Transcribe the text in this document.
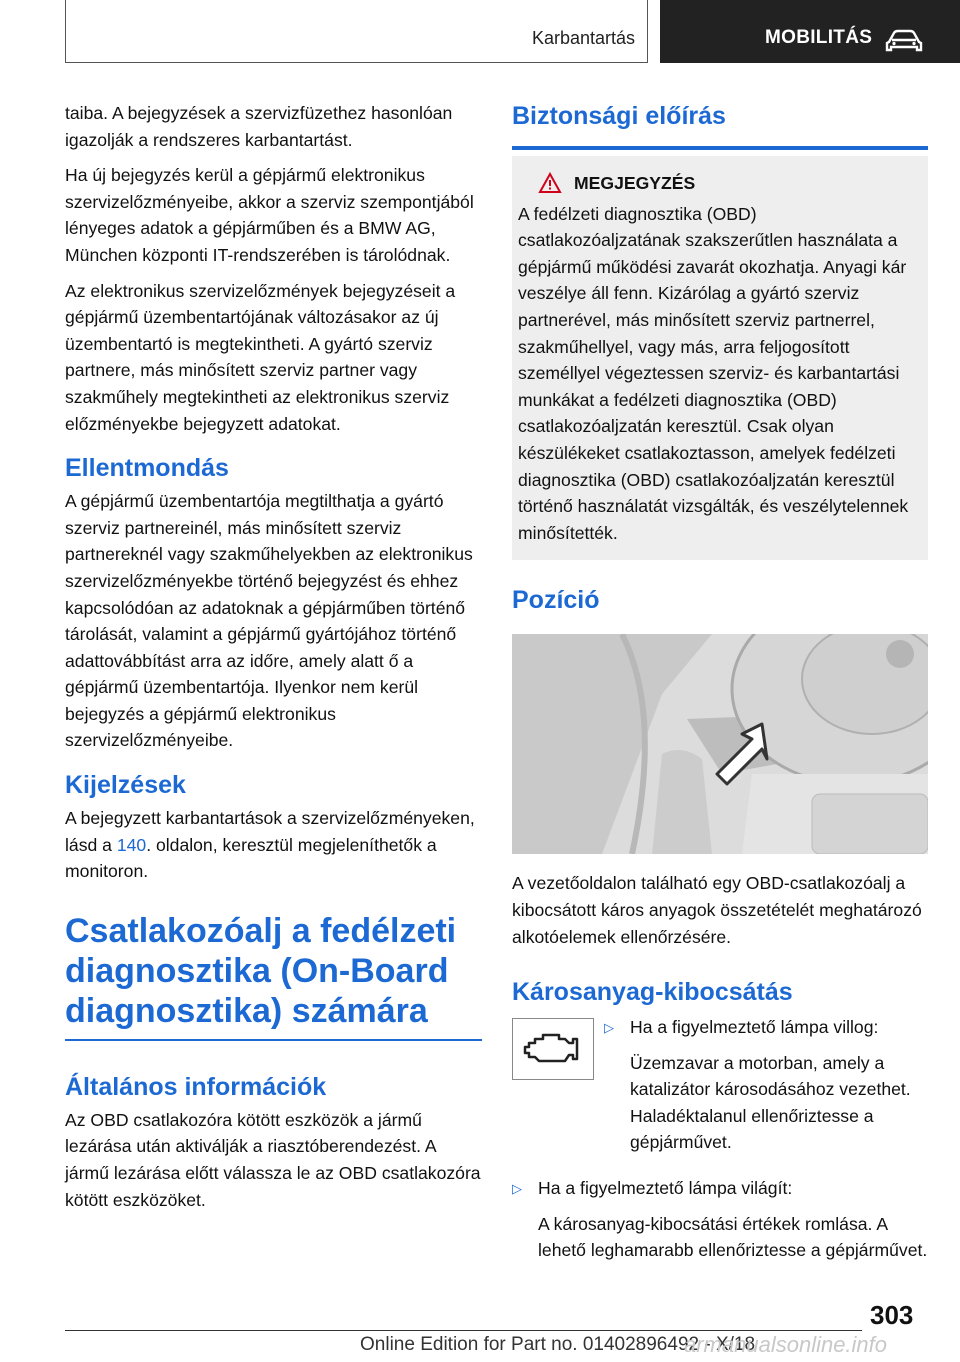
Karbantartás	MOBILITÁS

taiba. A bejegyzések a szervizfüzethez hasonlóan igazolják a rendszeres karbantartást.

Ha új bejegyzés kerül a gépjármű elektronikus szervizelőzményeibe, akkor a szerviz szempontjából lényeges adatok a gépjárműben és a BMW AG, München központi IT-rendszerében is tárolódnak.

Az elektronikus szervizelőzmények bejegyzéseit a gépjármű üzembentartójának változásakor az új üzembentartó is megtekintheti. A gyártó szerviz partnere, más minősített szerviz partner vagy szakműhely megtekintheti az elektronikus szerviz előzményekbe bejegyzett adatokat.

Ellentmondás

A gépjármű üzembentartója megtilthatja a gyártó szerviz partnereinél, más minősített szerviz partnereknél vagy szakműhelyekben az elektronikus szervizelőzményekbe történő bejegyzést és ehhez kapcsolódóan az adatoknak a gépjárműben történő tárolását, valamint a gépjármű gyártójához történő adattovábbítást arra az időre, amely alatt ő a gépjármű üzembentartója. Ilyenkor nem kerül bejegyzés a gépjármű elektronikus szervizelőzményeibe.

Kijelzések

A bejegyzett karbantartások a szervizelőzményeken, lásd a 140. oldalon, keresztül megjeleníthetők a monitoron.

Csatlakozóalj a fedélzeti diagnosztika (On-Board diagnosztika) számára
Általános információk

Az OBD csatlakozóra kötött eszközök a jármű lezárása után aktiválják a riasztóberendezést. A jármű lezárása előtt válassza le az OBD csatlakozóra kötött eszközöket.

Biztonsági előírás
MEGJEGYZÉS
A fedélzeti diagnosztika (OBD) csatlakozóaljzatának szakszerűtlen használata a gépjármű működési zavarát okozhatja. Anyagi kár veszélye áll fenn. Kizárólag a gyártó szerviz partnerével, más minősített szerviz partnerrel, szakműhellyel, vagy más, arra feljogosított személlyel végeztessen szerviz- és karbantartási munkákat a fedélzeti diagnosztika (OBD) csatlakozóaljzatán keresztül. Csak olyan készülékeket csatlakoztasson, amelyek fedélzeti diagnosztika (OBD) csatlakozóaljzatán keresztül történő használatát vizsgálták, és veszélytelennek minősítették.
Pozíció

A vezetőoldalon található egy OBD-csatlakozóalj a kibocsátott káros anyagok összetételét meghatározó alkotóelemek ellenőrzésére.

Károsanyag-kibocsátás
▷ Ha a figyelmeztető lámpa villog:

Üzemzavar a motorban, amely a katalizátor károsodásához vezethet. Haladéktalanul ellenőriztesse a gépjárművet.

▷ Ha a figyelmeztető lámpa világít:

A károsanyag-kibocsátási értékek romlása. A lehető leghamarabb ellenőriztesse a gépjárművet.

303
Online Edition for Part no. 01402896492 - X/18
armanualsonline.info
